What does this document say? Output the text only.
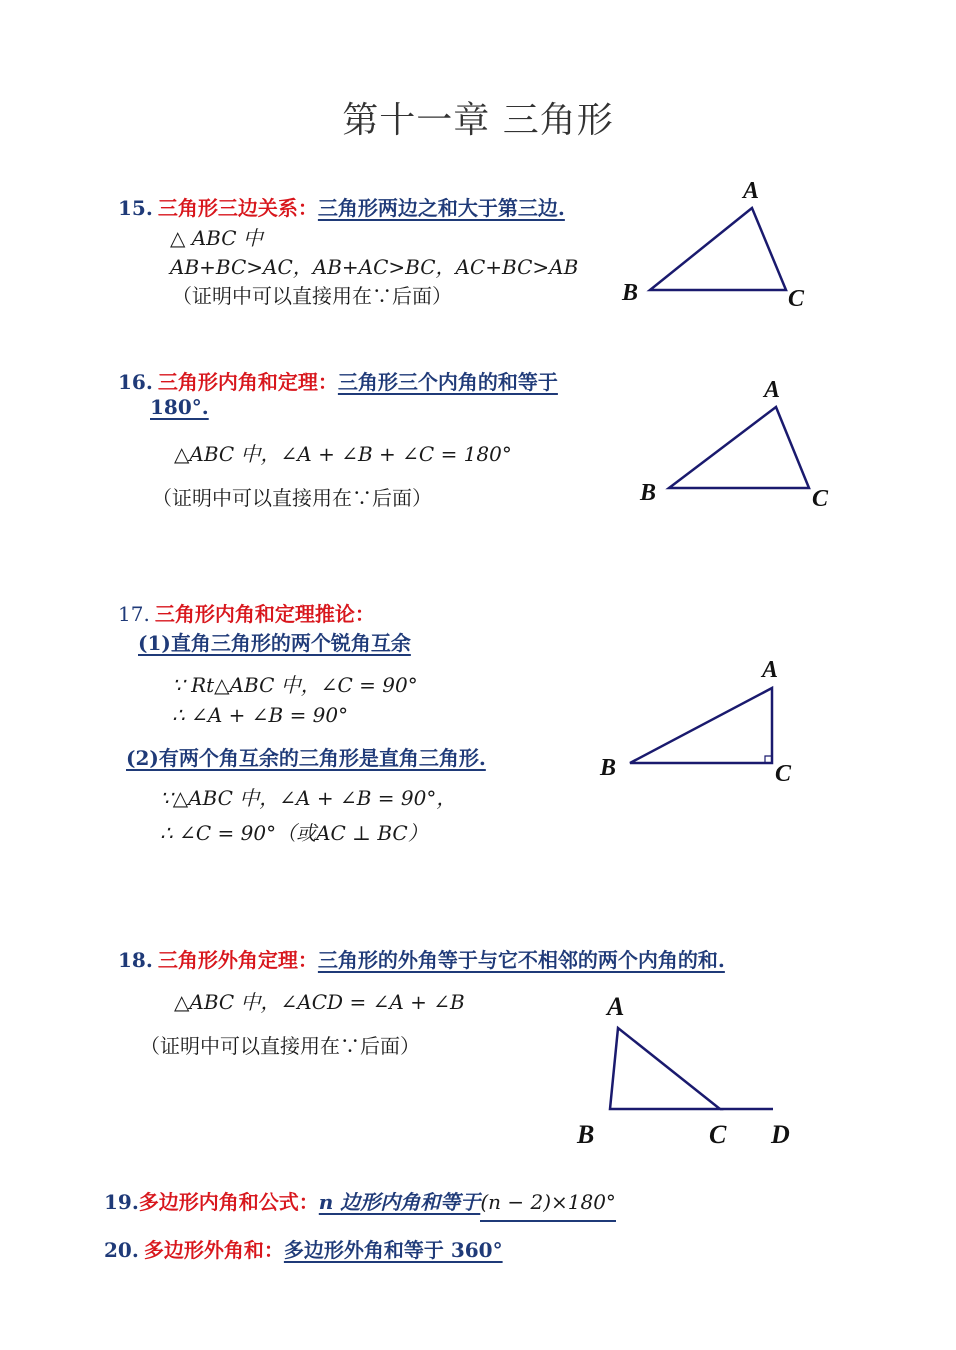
第十一章 三角形
15. 三角形三边关系：三角形两边之和大于第三边.
△ ABC 中
AB+BC>AC，AB+AC>BC，AC+BC>AB
（证明中可以直接用在∵后面）
A
B	C
16. 三角形内角和定理：三角形三个内角的和等于
180°.
△ABC 中，∠A + ∠B + ∠C = 180°
（证明中可以直接用在∵后面）
A
B	C
17. 三角形内角和定理推论：
(1)直角三角形的两个锐角互余
∵ Rt△ABC 中，∠C = 90°
∴ ∠A + ∠B = 90°
(2)有两个角互余的三角形是直角三角形.
∵△ABC 中，∠A + ∠B = 90°，
∴ ∠C = 90°（或AC ⊥ BC）
A
B	C
18. 三角形外角定理：三角形的外角等于与它不相邻的两个内角的和.
△ABC 中，∠ACD = ∠A + ∠B
（证明中可以直接用在∵后面）
A
B	C D
19.多边形内角和公式：n 边形内角和等于(n − 2)×180°
20. 多边形外角和：多边形外角和等于 360°
